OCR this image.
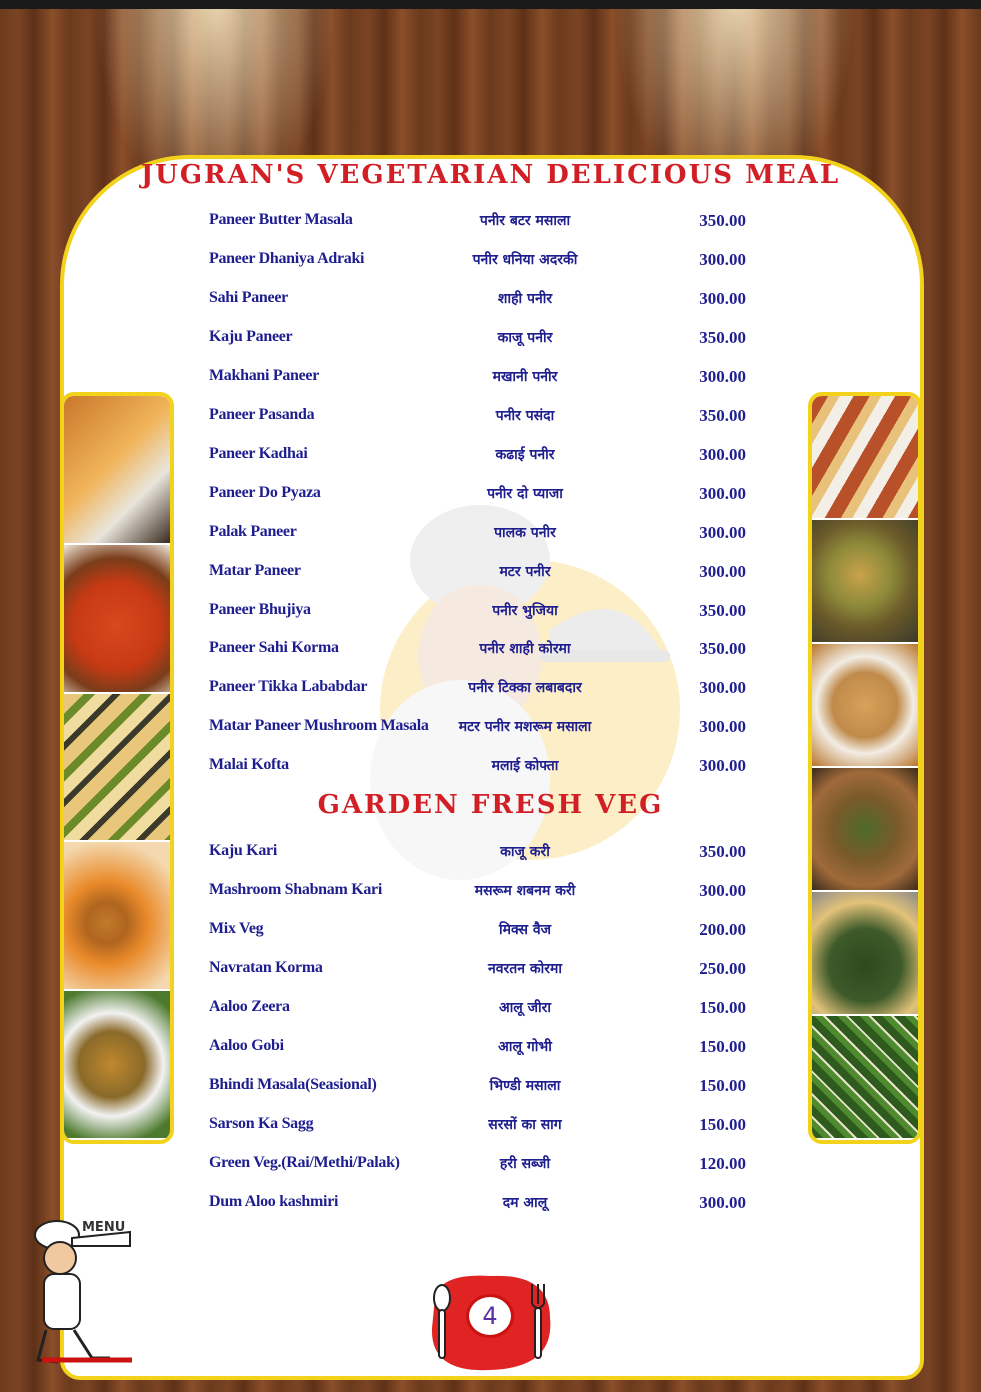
JUGRAN'S VEGETARIAN DELICIOUS MEAL
GARDEN FRESH VEG
Paneer Butter Masala	पनीर बटर मसाला	350.00
Paneer Dhaniya Adraki	पनीर धनिया अदरकी	300.00
Sahi Paneer	शाही पनीर	300.00
Kaju Paneer	काजू पनीर	350.00
Makhani Paneer	मखानी पनीर	300.00
Paneer Pasanda	पनीर पसंदा	350.00
Paneer Kadhai	कढाई पनीर	300.00
Paneer Do Pyaza	पनीर दो प्याजा	300.00
Palak Paneer	पालक पनीर	300.00
Matar Paneer	मटर पनीर	300.00
Paneer Bhujiya	पनीर भुजिया	350.00
Paneer Sahi Korma	पनीर शाही कोरमा	350.00
Paneer Tikka Lababdar	पनीर टिक्का लबाबदार	300.00
Matar Paneer Mushroom Masala	मटर पनीर मशरूम मसाला	300.00
Malai Kofta	मलाई कोफ्ता	300.00
Kaju Kari	काजू करी	350.00
Mashroom Shabnam Kari	मसरूम शबनम करी	300.00
Mix Veg	मिक्स वैज	200.00
Navratan Korma	नवरतन कोरमा	250.00
Aaloo Zeera	आलू जीरा	150.00
Aaloo Gobi	आलू गोभी	150.00
Bhindi Masala(Seasional)	भिण्डी मसाला	150.00
Sarson Ka Sagg	सरसों का साग	150.00
Green Veg.(Rai/Methi/Palak)	हरी सब्जी	120.00
Dum Aloo kashmiri	दम आलू	300.00
MENU
4
